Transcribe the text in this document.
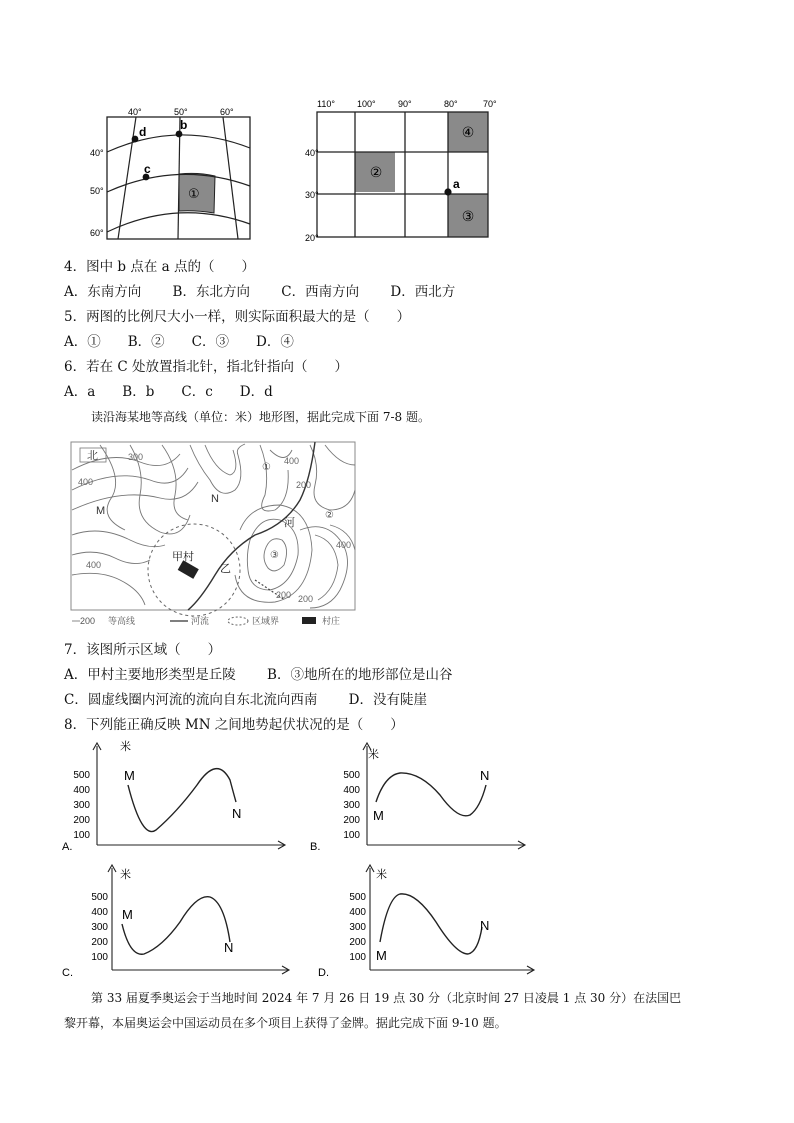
40°	50°	60°
40°
50°
60°
d	b
c
①
110° 100° 90°	80°	70°
40°
30°
20°
a
②
③
④
4．图中 b 点在 a 点的（　　）
A．东南方向　　 B．东北方向　　 C．西南方向　　 D．西北方
5．两图的比例尺大小一样，则实际面积最大的是（　　）
A．①　　B．②　　C．③　　D．④
6．若在 C 处放置指北针，指北针指向（　　）
A．a　　B．b　　C．c　　D．d
读沿海某地等高线（单位：米）地形图，据此完成下面 7-8 题。
北
甲村
乙
河
M
N
300
400
400
200
400
400
200 200
①
②
③
200 等高线	河流	区域界	村庄
7．该图所示区域（　　）
A．甲村主要地形类型是丘陵　　 B．③地所在的地形部位是山谷
C．圆虚线圈内河流的流向自东北流向西南　　 D．没有陡崖
8．下列能正确反映 MN 之间地势起伏状况的是（　　）
A.
米
500
400
300
200
100
M
N
B.
米
500
400
300
200
100
M
N
C.
米
500
400
300
200
100
M
N
D.
米
500
400
300
200
100 M
N
第 33 届夏季奥运会于当地时间 2024 年 7 月 26 日 19 点 30 分（北京时间 27 日凌晨 1 点 30 分）在法国巴
黎开幕，本届奥运会中国运动员在多个项目上获得了金牌。据此完成下面 9-10 题。
